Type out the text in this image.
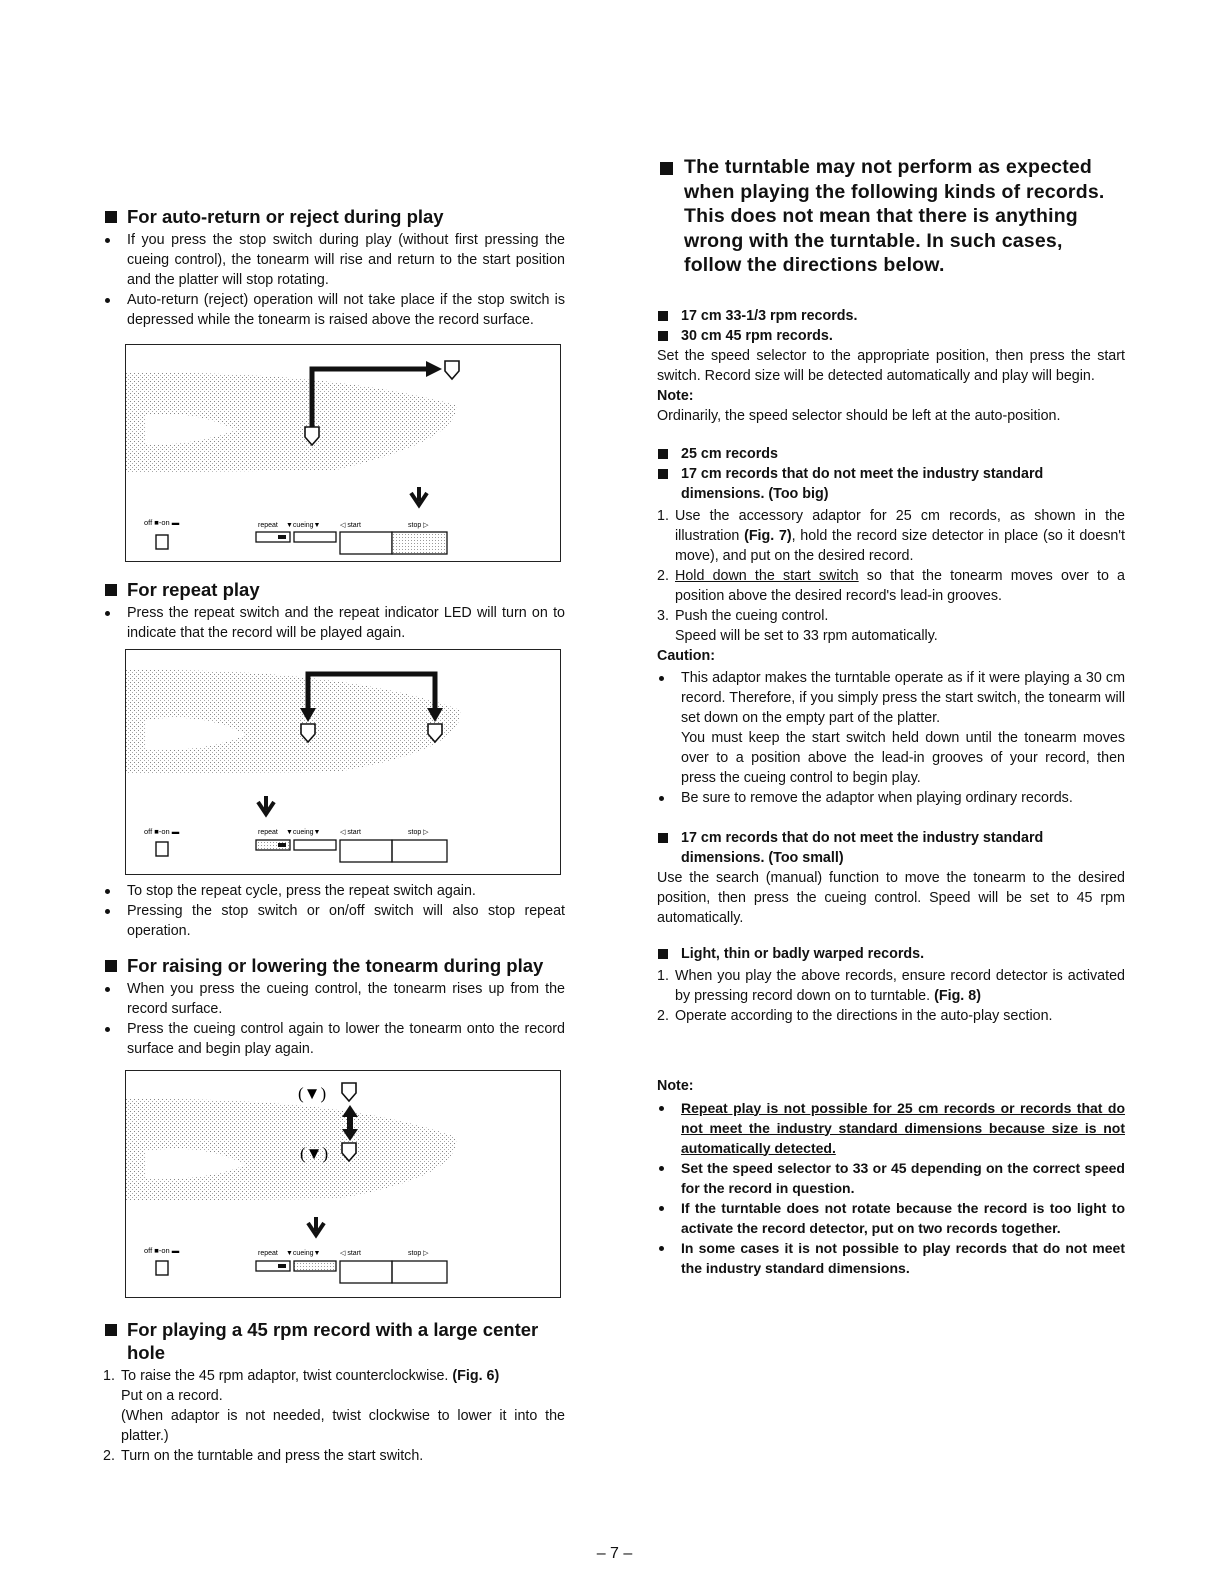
For auto-return or reject during play
If you press the stop switch during play (without first pressing the cueing control), the tonearm will rise and return to the start position and the platter will stop rotating.
Auto-return (reject) operation will not take place if the stop switch is depressed while the tonearm is raised above the record surface.
off ■-on ▬	repeat ▼cueing▼	◁ start	stop ▷
For repeat play
Press the repeat switch and the repeat indicator LED will turn on to indicate that the record will be played again.
off ■-on ▬	repeat ▼cueing▼	◁ start	stop ▷
To stop the repeat cycle, press the repeat switch again.
Pressing the stop switch or on/off switch will also stop repeat operation.
For raising or lowering the tonearm during play
When you press the cueing control, the tonearm rises up from the record surface.
Press the cueing control again to lower the tonearm onto the record surface and begin play again.
(▼)
(▼)
off ■-on ▬	repeat ▼cueing▼	◁ start	stop ▷
For playing a 45 rpm record with a large center hole
1. To raise the 45 rpm adaptor, twist counterclockwise. (Fig. 6)
Put on a record.
(When adaptor is not needed, twist clockwise to lower it into the platter.)
2. Turn on the turntable and press the start switch.
The turntable may not perform as expected when playing the following kinds of records. This does not mean that there is anything wrong with the turntable. In such cases, follow the directions below.

17 cm 33-1/3 rpm records.

30 cm 45 rpm records.

Set the speed selector to the appropriate position, then press the start switch. Record size will be detected automatically and play will begin.

Note:

Ordinarily, the speed selector should be left at the auto-position.

25 cm records

17 cm records that do not meet the industry standard dimensions. (Too big)

1. Use the accessory adaptor for 25 cm records, as shown in the illustration (Fig. 7), hold the record size detector in place (so it doesn't move), and put on the desired record.
2. Hold down the start switch so that the tonearm moves over to a position above the desired record's lead-in grooves.
3. Push the cueing control.
Speed will be set to 33 rpm automatically.

Caution:

This adaptor makes the turntable operate as if it were playing a 30 cm record. Therefore, if you simply press the start switch, the tonearm will set down on the empty part of the platter.
You must keep the start switch held down until the tonearm moves over to a position above the lead-in grooves of your record, then press the cueing control to begin play.
Be sure to remove the adaptor when playing ordinary records.

17 cm records that do not meet the industry standard dimensions. (Too small)

Use the search (manual) function to move the tonearm to the desired position, then press the cueing control. Speed will be set to 45 rpm automatically.

Light, thin or badly warped records.

1. When you play the above records, ensure record detector is activated by pressing record down on to turntable. (Fig. 8)
2. Operate according to the directions in the auto-play section.

Note:

Repeat play is not possible for 25 cm records or records that do not meet the industry standard dimensions because size is not automatically detected.
Set the speed selector to 33 or 45 depending on the correct speed for the record in question.
If the turntable does not rotate because the record is too light to activate the record detector, put on two records together.
In some cases it is not possible to play records that do not meet the industry standard dimensions.
– 7 –
